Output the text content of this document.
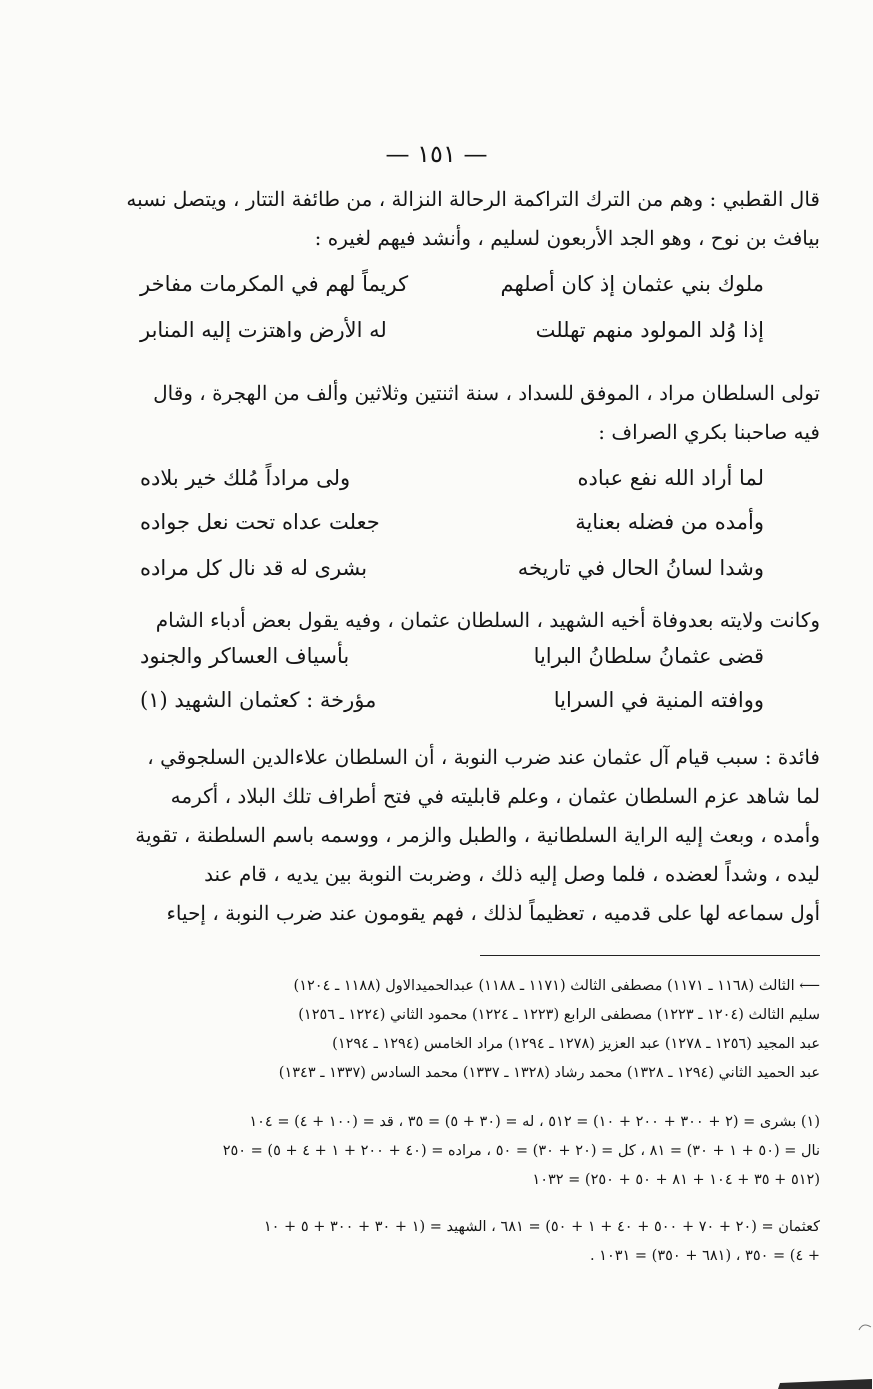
— ١٥١ —
قال القطبي : وهم من الترك التراكمة الرحالة النزالة ، من طائفة التتار ، ويتصل نسبه
بيافث بن نوح ، وهو الجد الأربعون لسليم ، وأنشد فيهم لغيره :
ملوك بني عثمان إذ كان أصلهم
كريماً لهم في المكرمات مفاخر
إذا وُلد المولود منهم تهللت
له الأرض واهتزت إليه المنابر
تولى السلطان مراد ، الموفق للسداد ، سنة اثنتين وثلاثين وألف من الهجرة ، وقال
فيه صاحبنا بكري الصراف :
لما أراد الله نفع عباده
ولى مراداً مُلك خير بلاده
وأمده من فضله بعناية
جعلت عداه تحت نعل جواده
وشدا لسانُ الحال في تاريخه
بشرى له قد نال كل مراده
وكانت ولايته بعدوفاة أخيه الشهيد ، السلطان عثمان ، وفيه يقول بعض أدباء الشام
قضى عثمانُ سلطانُ البرايا
بأسياف العساكر والجنود
ووافته المنية في السرايا
مؤرخة : كعثمان الشهيد (١)
فائدة : سبب قيام آل عثمان عند ضرب النوبة ، أن السلطان علاءالدين السلجوقي ،
لما شاهد عزم السلطان عثمان ، وعلم قابليته في فتح أطراف تلك البلاد ، أكرمه
وأمده ، وبعث إليه الراية السلطانية ، والطبل والزمر ، ووسمه باسم السلطنة ، تقوية
ليده ، وشداً لعضده ، فلما وصل إليه ذلك ، وضربت النوبة بين يديه ، قام عند
أول سماعه لها على قدميه ، تعظيماً لذلك ، فهم يقومون عند ضرب النوبة ، إحياء
⟵ الثالث (١١٦٨ ـ ١١٧١) مصطفى الثالث (١١٧١ ـ ١١٨٨) عبدالحميدالاول (١١٨٨ ـ ١٢٠٤)
سليم الثالث (١٢٠٤ ـ ١٢٢٣) مصطفى الرابع (١٢٢٣ ـ ١٢٢٤) محمود الثاني (١٢٢٤ ـ ١٢٥٦)
عبد المجيد (١٢٥٦ ـ ١٢٧٨) عبد العزيز (١٢٧٨ ـ ١٢٩٤) مراد الخامس (١٢٩٤ ـ ١٢٩٤)
عبد الحميد الثاني (١٢٩٤ ـ ١٣٢٨) محمد رشاد (١٣٢٨ ـ ١٣٣٧) محمد السادس (١٣٣٧ ـ ١٣٤٣)
(١) بشرى = (٢ + ٣٠٠ + ٢٠٠ + ١٠) = ٥١٢ ، له = (٣٠ + ٥) = ٣٥ ، قد = (١٠٠ + ٤) = ١٠٤
نال = (٥٠ + ١ + ٣٠) = ٨١ ، كل = (٢٠ + ٣٠) = ٥٠ ، مراده = (٤٠ + ٢٠٠ + ١ + ٤ + ٥) = ٢٥٠
(٥١٢ + ٣٥ + ١٠٤ + ٨١ + ٥٠ + ٢٥٠) = ١٠٣٢
كعثمان = (٢٠ + ٧٠ + ٥٠٠ + ٤٠ + ١ + ٥٠) = ٦٨١ ، الشهيد = (١ + ٣٠ + ٣٠٠ + ٥ + ١٠
+ ٤) = ٣٥٠ ، (٦٨١ + ٣٥٠) = ١٠٣١ .
